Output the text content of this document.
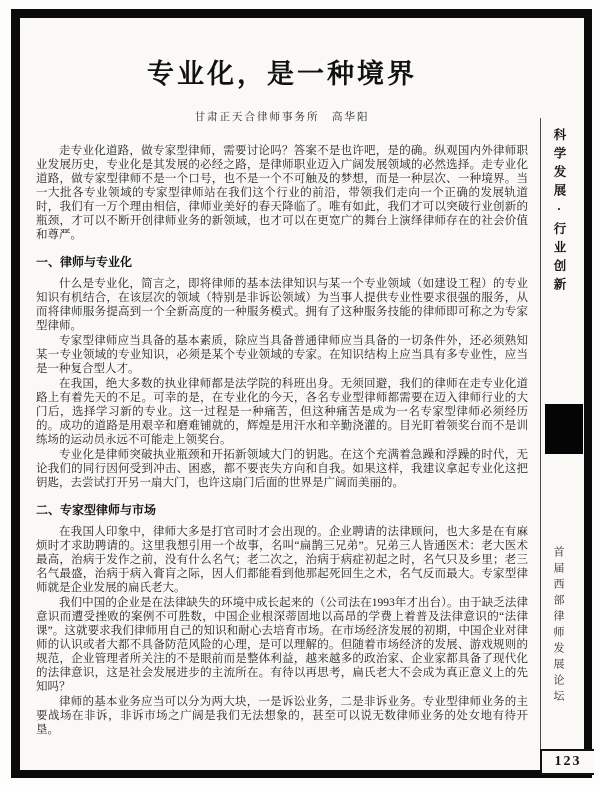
专业化，是一种境界
甘肃正天合律师事务所　高华阳

走专业化道路，做专家型律师，需要讨论吗？答案不是也许吧，是的确。纵观国内外律师职业发展历史，专业化是其发展的必经之路，是律师职业迈入广阔发展领域的必然选择。走专业化道路，做专家型律师不是一个口号，也不是一个不可触及的梦想，而是一种层次、一种境界。当一大批各专业领域的专家型律师站在我们这个行业的前沿，带领我们走向一个正确的发展轨道时，我们有一万个理由相信，律师业美好的春天降临了。唯有如此，我们才可以突破行业创新的瓶颈，才可以不断开创律师业务的新领域，也才可以在更宽广的舞台上演绎律师存在的社会价值和尊严。

一、律师与专业化

什么是专业化，简言之，即将律师的基本法律知识与某一个专业领域（如建设工程）的专业知识有机结合，在该层次的领域（特别是非诉讼领域）为当事人提供专业性要求很强的服务，从而将律师服务提高到一个全新高度的一种服务模式。拥有了这种服务技能的律师即可称之为专家型律师。

专家型律师应当具备的基本素质，除应当具备普通律师应当具备的一切条件外，还必须熟知某一专业领域的专业知识，必须是某个专业领域的专家。在知识结构上应当具有多专业性，应当是一种复合型人才。

在我国，绝大多数的执业律师都是法学院的科班出身。无须回避，我们的律师在走专业化道路上有着先天的不足。可幸的是，在专业化的今天，各名专业型律师都需要在迈入律师行业的大门后，选择学习新的专业。这一过程是一种痛苦，但这种痛苦是成为一名专家型律师必须经历的。成功的道路是用艰辛和磨难铺就的，辉煌是用汗水和辛勤浇灌的。目光盯着领奖台而不是训练场的运动员永远不可能走上领奖台。

专业化是律师突破执业瓶颈和开拓新领域大门的钥匙。在这个充满着急躁和浮躁的时代，无论我们的同行因何受到冲击、困惑，都不要丧失方向和自我。如果这样，我建议拿起专业化这把钥匙，去尝试打开另一扇大门，也许这扇门后面的世界是广阔而美丽的。

二、专家型律师与市场

在我国人印象中，律师大多是打官司时才会出现的。企业聘请的法律顾问，也大多是在有麻烦时才求助聘请的。这里我想引用一个故事，名叫“扁鹊三兄弟”。兄弟三人皆通医术：老大医术最高，治病于发作之前，没有什么名气；老二次之，治病于病症初起之时，名气只及乡里；老三名气最盛，治病于病入膏肓之际，因人们都能看到他那起死回生之术，名气反而最大。专家型律师就是企业发展的扁氏老大。

我们中国的企业是在法律缺失的环境中成长起来的（公司法在1993年才出台）。由于缺乏法律意识而遭受挫败的案例不可胜数，中国企业根深蒂固地以高昂的学费上着普及法律意识的“法律课”。这就要求我们律师用自己的知识和耐心去培育市场。在市场经济发展的初期，中国企业对律师的认识或者大都不具备防范风险的心理，是可以理解的。但随着市场经济的发展、游戏规则的规范，企业管理者所关注的不是眼前而是整体利益，越来越多的政治家、企业家都具备了现代化的法律意识，这是社会发展进步的主流所在。有待以再思考，扁氏老大不会成为真正意义上的先知吗？

律师的基本业务应当可以分为两大块，一是诉讼业务，二是非诉业务。专业型律师业务的主要战场在非诉，非诉市场之广阔是我们无法想象的，甚至可以说无数律师业务的处女地有待开垦。

科学发展·行业创新
首届西部律师发展论坛
123
